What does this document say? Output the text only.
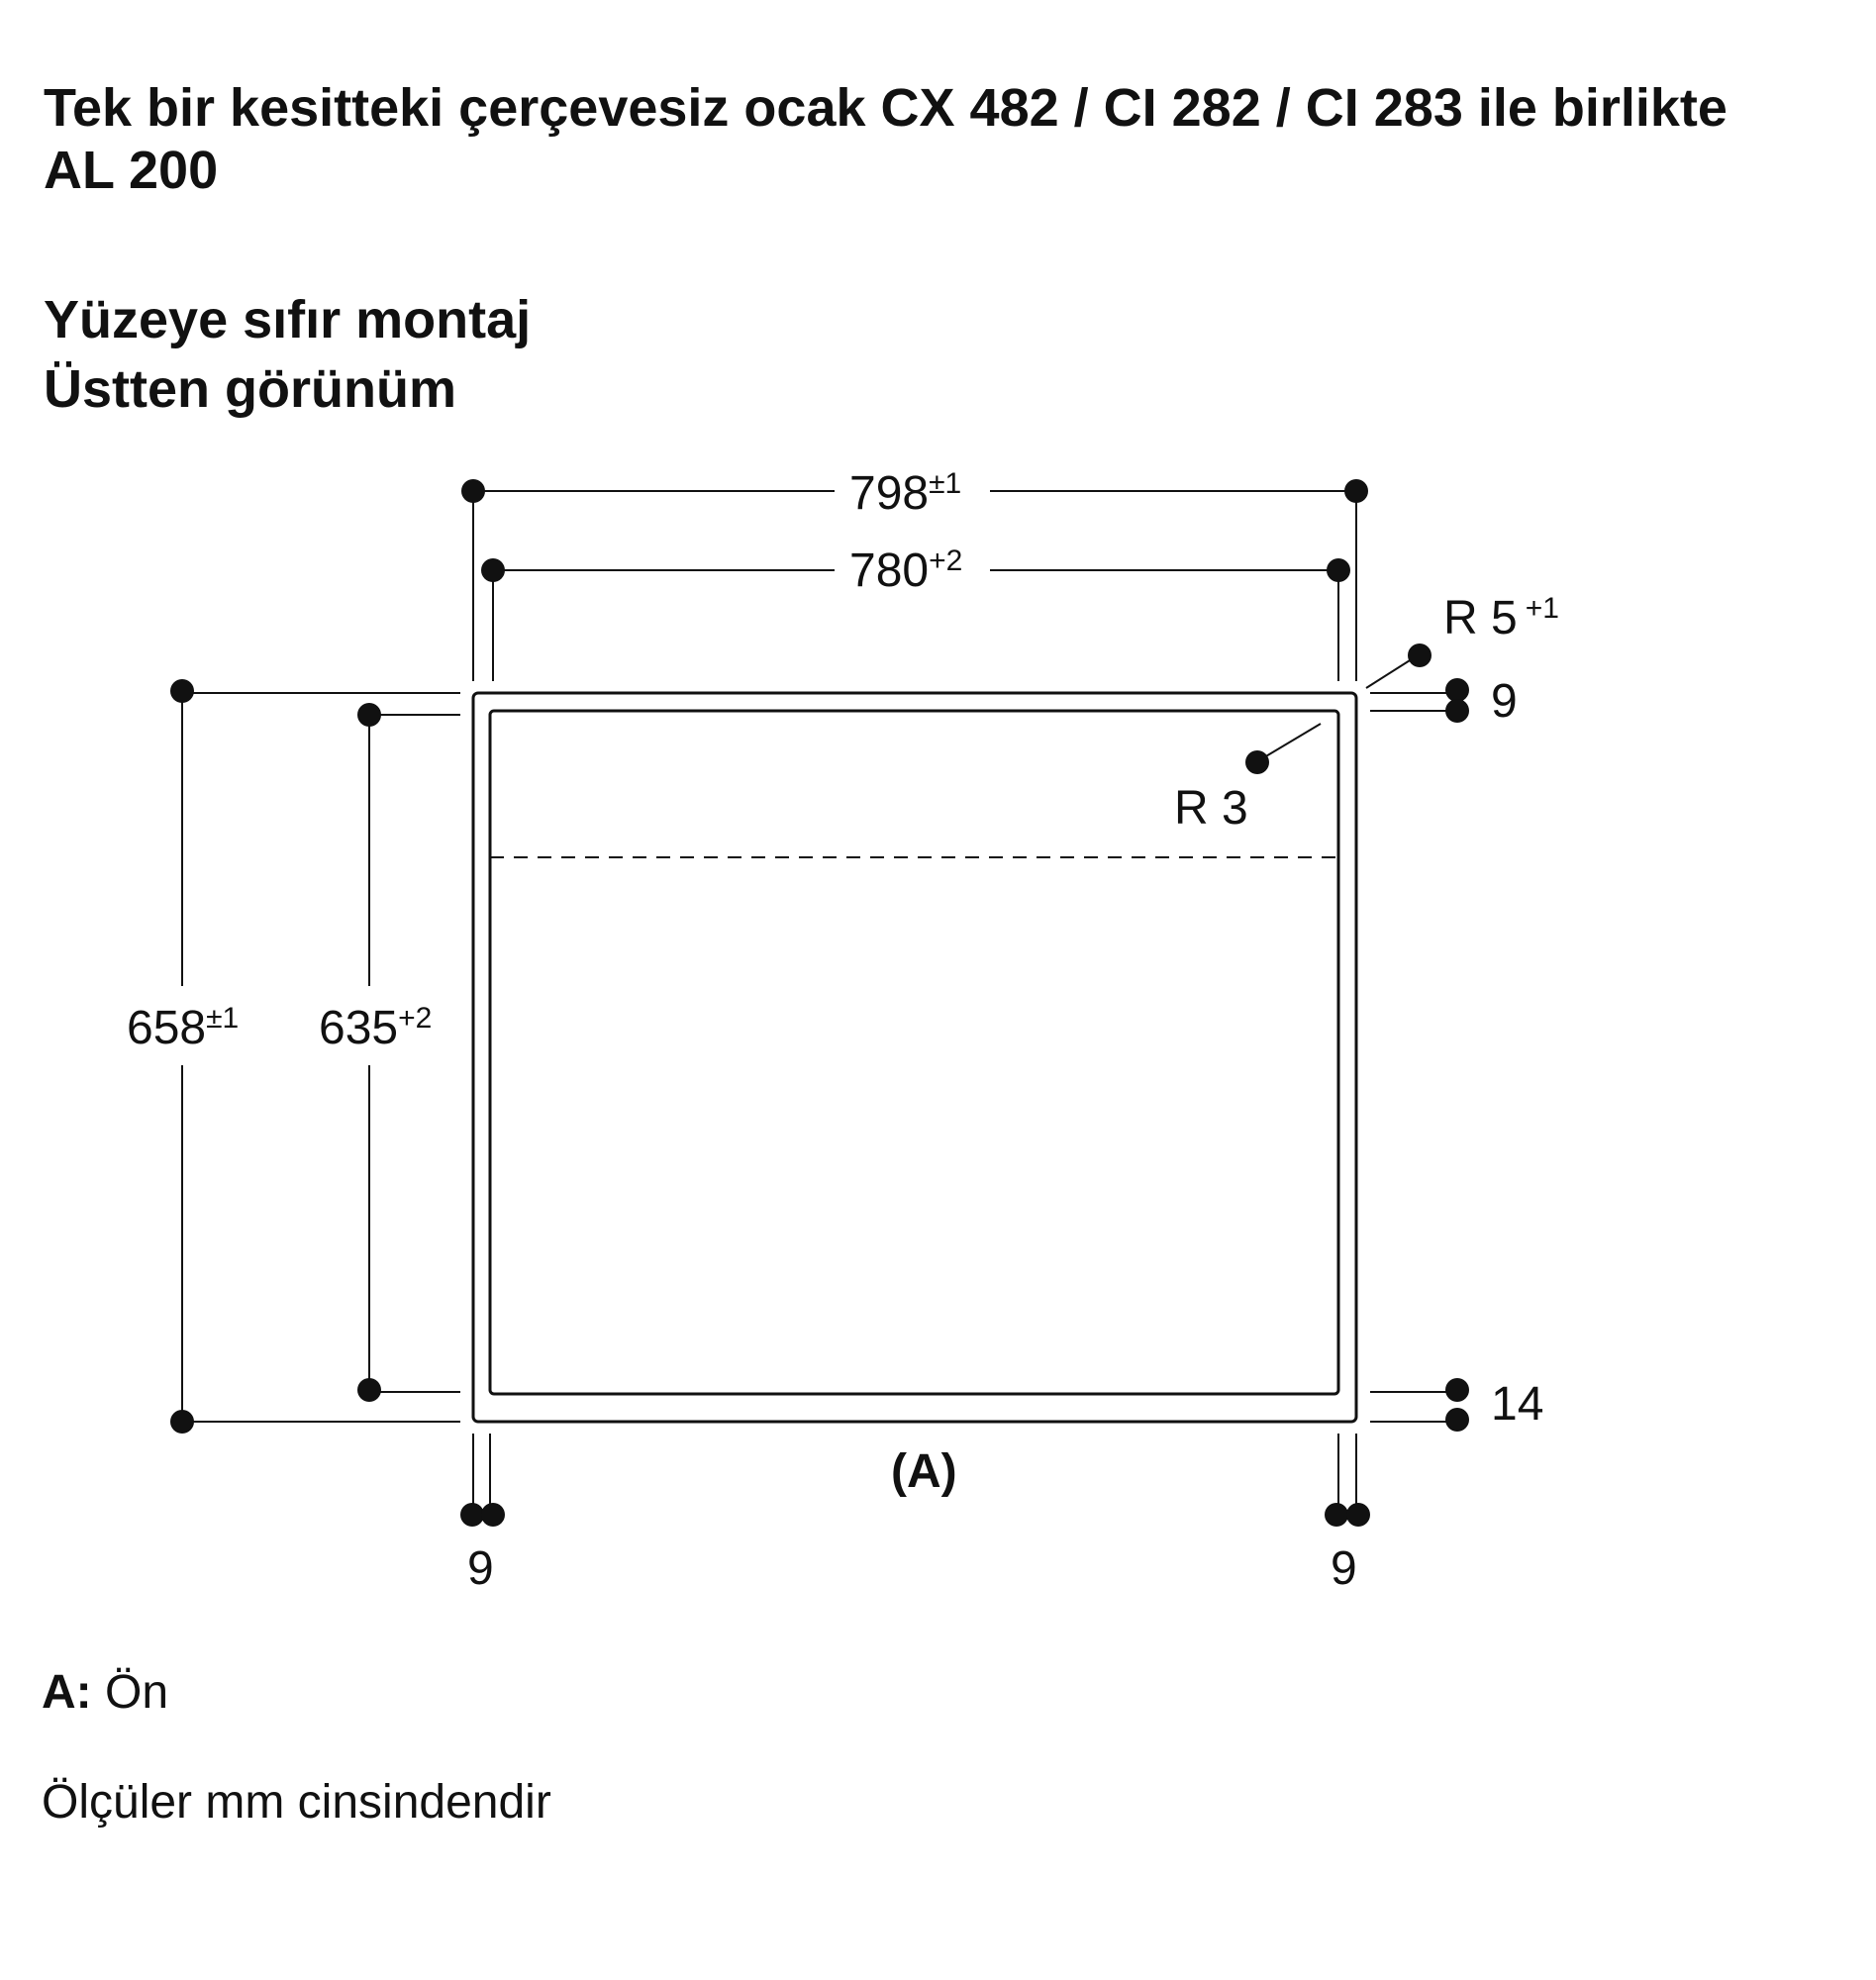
Tek bir kesitteki çerçevesiz ocak CX 482 / CI 282 / CI 283 ile birlikte AL 200
Yüzeye sıfır montaj
Üstten görünüm
$798^{\pm 1}$
$780^{+2}$
$658^{\pm 1}$ $635^{+2}$
R 5 $^{+1}$
R 3
9
14
9	9
(A)
A: Ön
Ölçüler mm cinsindendir
